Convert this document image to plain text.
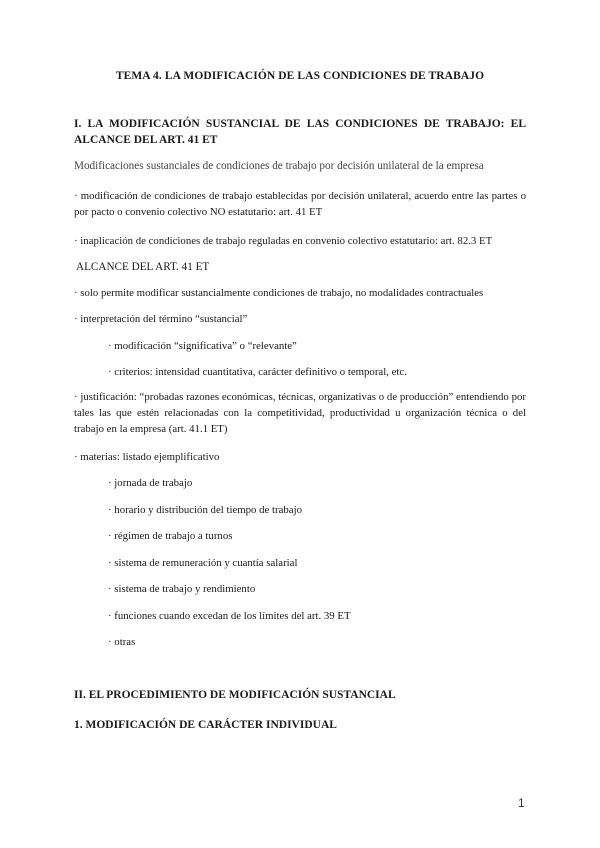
TEMA 4. LA MODIFICACIÓN DE LAS CONDICIONES DE TRABAJO
I. LA MODIFICACIÓN SUSTANCIAL DE LAS CONDICIONES DE TRABAJO: EL ALCANCE DEL ART. 41 ET
Modificaciones sustanciales de condiciones de trabajo por decisión unilateral de la empresa
· modificación de condiciones de trabajo establecidas por decisión unilateral, acuerdo entre las partes o por pacto o convenio colectivo NO estatutario: art. 41 ET
· inaplicación de condiciones de trabajo reguladas en convenio colectivo estatutario: art. 82.3 ET
ALCANCE DEL ART. 41 ET
· solo permite modificar sustancialmente condiciones de trabajo, no modalidades contractuales
· interpretación del término “sustancial”
· modificación “significativa” o “relevante”
· criterios: intensidad cuantitativa, carácter definitivo o temporal, etc.
· justificación: “probadas razones económicas, técnicas, organizativas o de producción” entendiendo por tales las que estén relacionadas con la competitividad, productividad u organización técnica o del trabajo en la empresa (art. 41.1 ET)
· materias: listado ejemplificativo
· jornada de trabajo
· horario y distribución del tiempo de trabajo
· régimen de trabajo a turnos
· sistema de remuneración y cuantía salarial
· sistema de trabajo y rendimiento
· funciones cuando excedan de los límites del art. 39 ET
· otras
II. EL PROCEDIMIENTO DE MODIFICACIÓN SUSTANCIAL
1. MODIFICACIÓN DE CARÁCTER INDIVIDUAL
1
